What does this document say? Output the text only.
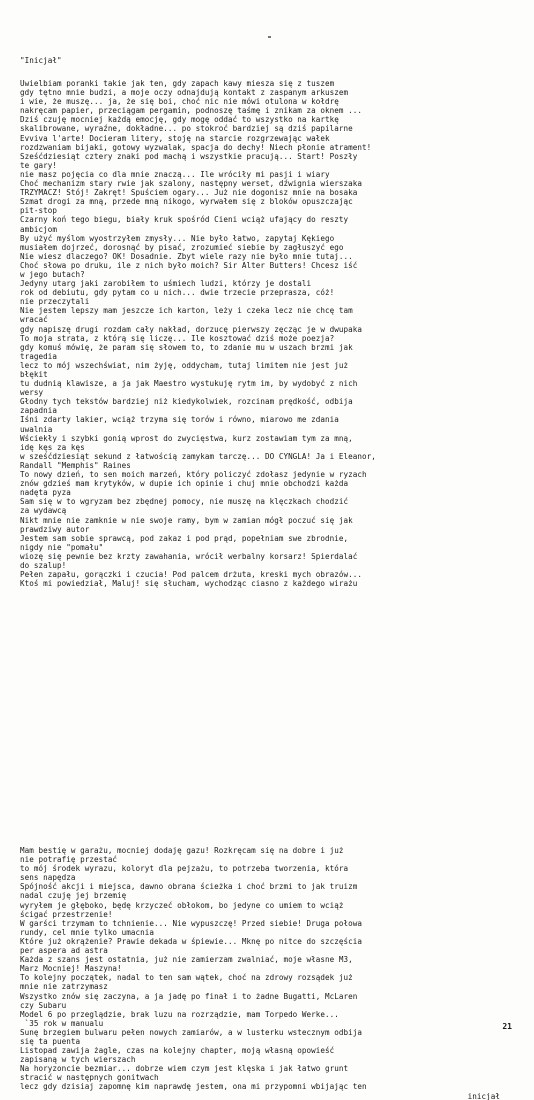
"Inicjał"
Uwielbiam poranki takie jak ten, gdy zapach kawy miesza się z tuszem
gdy tętno mnie budzi, a moje oczy odnajdują kontakt z zaspanym arkuszem
i wie, że muszę... ja, że się boi, choć nic nie mówi otulona w kołdrę
nakręcam papier, przeciągam pergamin, podnoszę taśmę i znikam za oknem ...
Dziś czuję mocniej każdą emocję, gdy mogę oddać to wszystko na kartkę
skalibrowane, wyraźne, dokładne... po stokroć bardziej są dziś papilarne
Evviva l'arte! Docieram litery, stoję na starcie rozgrzewając wałek
rozdzwaniam bijaki, gotowy wyzwalak, spacja do dechy! Niech płonie atrament!
Sześćdziesiąt cztery znaki pod machą i wszystkie pracują... Start! Poszły
te gary!
nie masz pojęcia co dla mnie znaczą... Ile wróciły mi pasji i wiary
Choć mechanizm stary rwie jak szalony, następny werset, dźwignia wierszaka
TRZYMACZ! Stój! Zakręt! Spuściem ogary... Już nie dogonisz mnie na bosaka
Szmat drogi za mną, przede mną nikogo, wyrwałem się z bloków opuszczając
pit-stop
Czarny koń tego biegu, biały kruk spośród Cieni wciąż ufający do reszty
ambicjom
By użyć myślom wyostrzyłem zmysły... Nie było łatwo, zapytaj Kękiego
musiałem dojrzeć, dorosnąć by pisać, zrozumieć siebie by zagłuszyć ego
Nie wiesz dlaczego? OK! Dosadnie. Zbyt wiele razy nie było mnie tutaj...
Choć słowa po druku, ile z nich było moich? Sir Alter Butters! Chcesz iść
w jego butach?
Jedyny utarg jaki zarobiłem to uśmiech ludzi, którzy je dostali
rok od debiutu, gdy pytam co u nich... dwie trzecie przeprasza, cóż!
nie przeczytali
Nie jestem lepszy mam jeszcze ich karton, leży i czeka lecz nie chcę tam
wracać
gdy napiszę drugi rozdam cały nakład, dorzucę pierwszy zęcząc je w dwupaka
To moja strata, z którą się liczę... Ile kosztować dziś może poezja?
gdy komuś mówię, że param się słowem to, to zdanie mu w uszach brzmi jak
tragedia
lecz to mój wszechświat, nim żyję, oddycham, tutaj limitem nie jest już
błękit
tu dudnią klawisze, a ja jak Maestro wystukuję rytm im, by wydobyć z nich
wersy
Głodny tych tekstów bardziej niż kiedykolwiek, rozcinam prędkość, odbija
zapadnia
Iśni zdarty lakier, wciąż trzyma się torów i równo, miarowo me zdania
uwalnia
Wściekły i szybki gonią wprost do zwycięstwa, kurz zostawiam tym za mną,
idę kęs za kęs
w sześćdziesiąt sekund z łatwością zamykam tarczę... DO CYNGLA! Ja i Eleanor,
Randall "Memphis" Raines
To nowy dzień, to sen moich marzeń, który policzyć zdołasz jedynie w ryzach
znów gdzieś mam krytyków, w dupie ich opinie i chuj mnie obchodzi każda
nadęta pyza
Sam się w to wgryzam bez zbędnej pomocy, nie muszę na klęczkach chodzić
za wydawcą
Nikt mnie nie zamknie w nie swoje ramy, bym w zamian mógł poczuć się jak
prawdziwy autor
Jestem sam sobie sprawcą, pod zakaz i pod prąd, popełniam swe zbrodnie,
nigdy nie "pomału"
wiozę się pewnie bez krzty zawahania, wrócił werbalny korsarz! Spierdalać
do szalup!
Pełen zapału, gorączki i czucia! Pod palcem drżuta, kreski mych obrazów...
Ktoś mi powiedział, Maluj! się słucham, wychodząc ciasno z każdego wirażu
Mam bestię w garażu, mocniej dodaję gazu! Rozkręcam się na dobre i już
nie potrafię przestać
to mój środek wyrazu, koloryt dla pejzażu, to potrzeba tworzenia, która
sens napędza
Spójność akcji i miejsca, dawno obrana ścieżka i choć brzmi to jak truizm
nadal czuję jej brzemię
wyryłem je głęboko, będę krzyczeć obłokom, bo jedyne co umiem to wciąż
ścigać przestrzenie!
W garści trzymam to tchnienie... Nie wypuszczę! Przed siebie! Druga połowa
rundy, cel mnie tylko umacnia
Które już okrążenie? Prawie dekada w śpiewie... Mknę po nitce do szczęścia
per aspera ad astra
Każda z szans jest ostatnia, już nie zamierzam zwalniać, moje własne M3,
Marz Mocniej! Maszyna!
To kolejny początek, nadal to ten sam wątek, choć na zdrowy rozsądek już
mnie nie zatrzymasz
Wszystko znów się zaczyna, a ja jadę po finał i to żadne Bugatti, McLaren
czy Subaru
Model 6 po przeglądzie, brak luzu na rozrządzie, mam Torpedo Werke...
`35 rok w manualu
Sunę brzegiem bulwaru pełen nowych zamiarów, a w lusterku wstecznym odbija
się ta puenta
Listopad zawija żagle, czas na kolejny chapter, moją własną opowieść
zapisaną w tych wierszach
Na horyzoncie bezmiar... dobrze wiem czym jest klęska i jak łatwo grunt
stracić w następnych gonitwach
lecz gdy dzisiaj zapomnę kim naprawdę jestem, ona mi przypomni wbijając ten
inicjał
21
